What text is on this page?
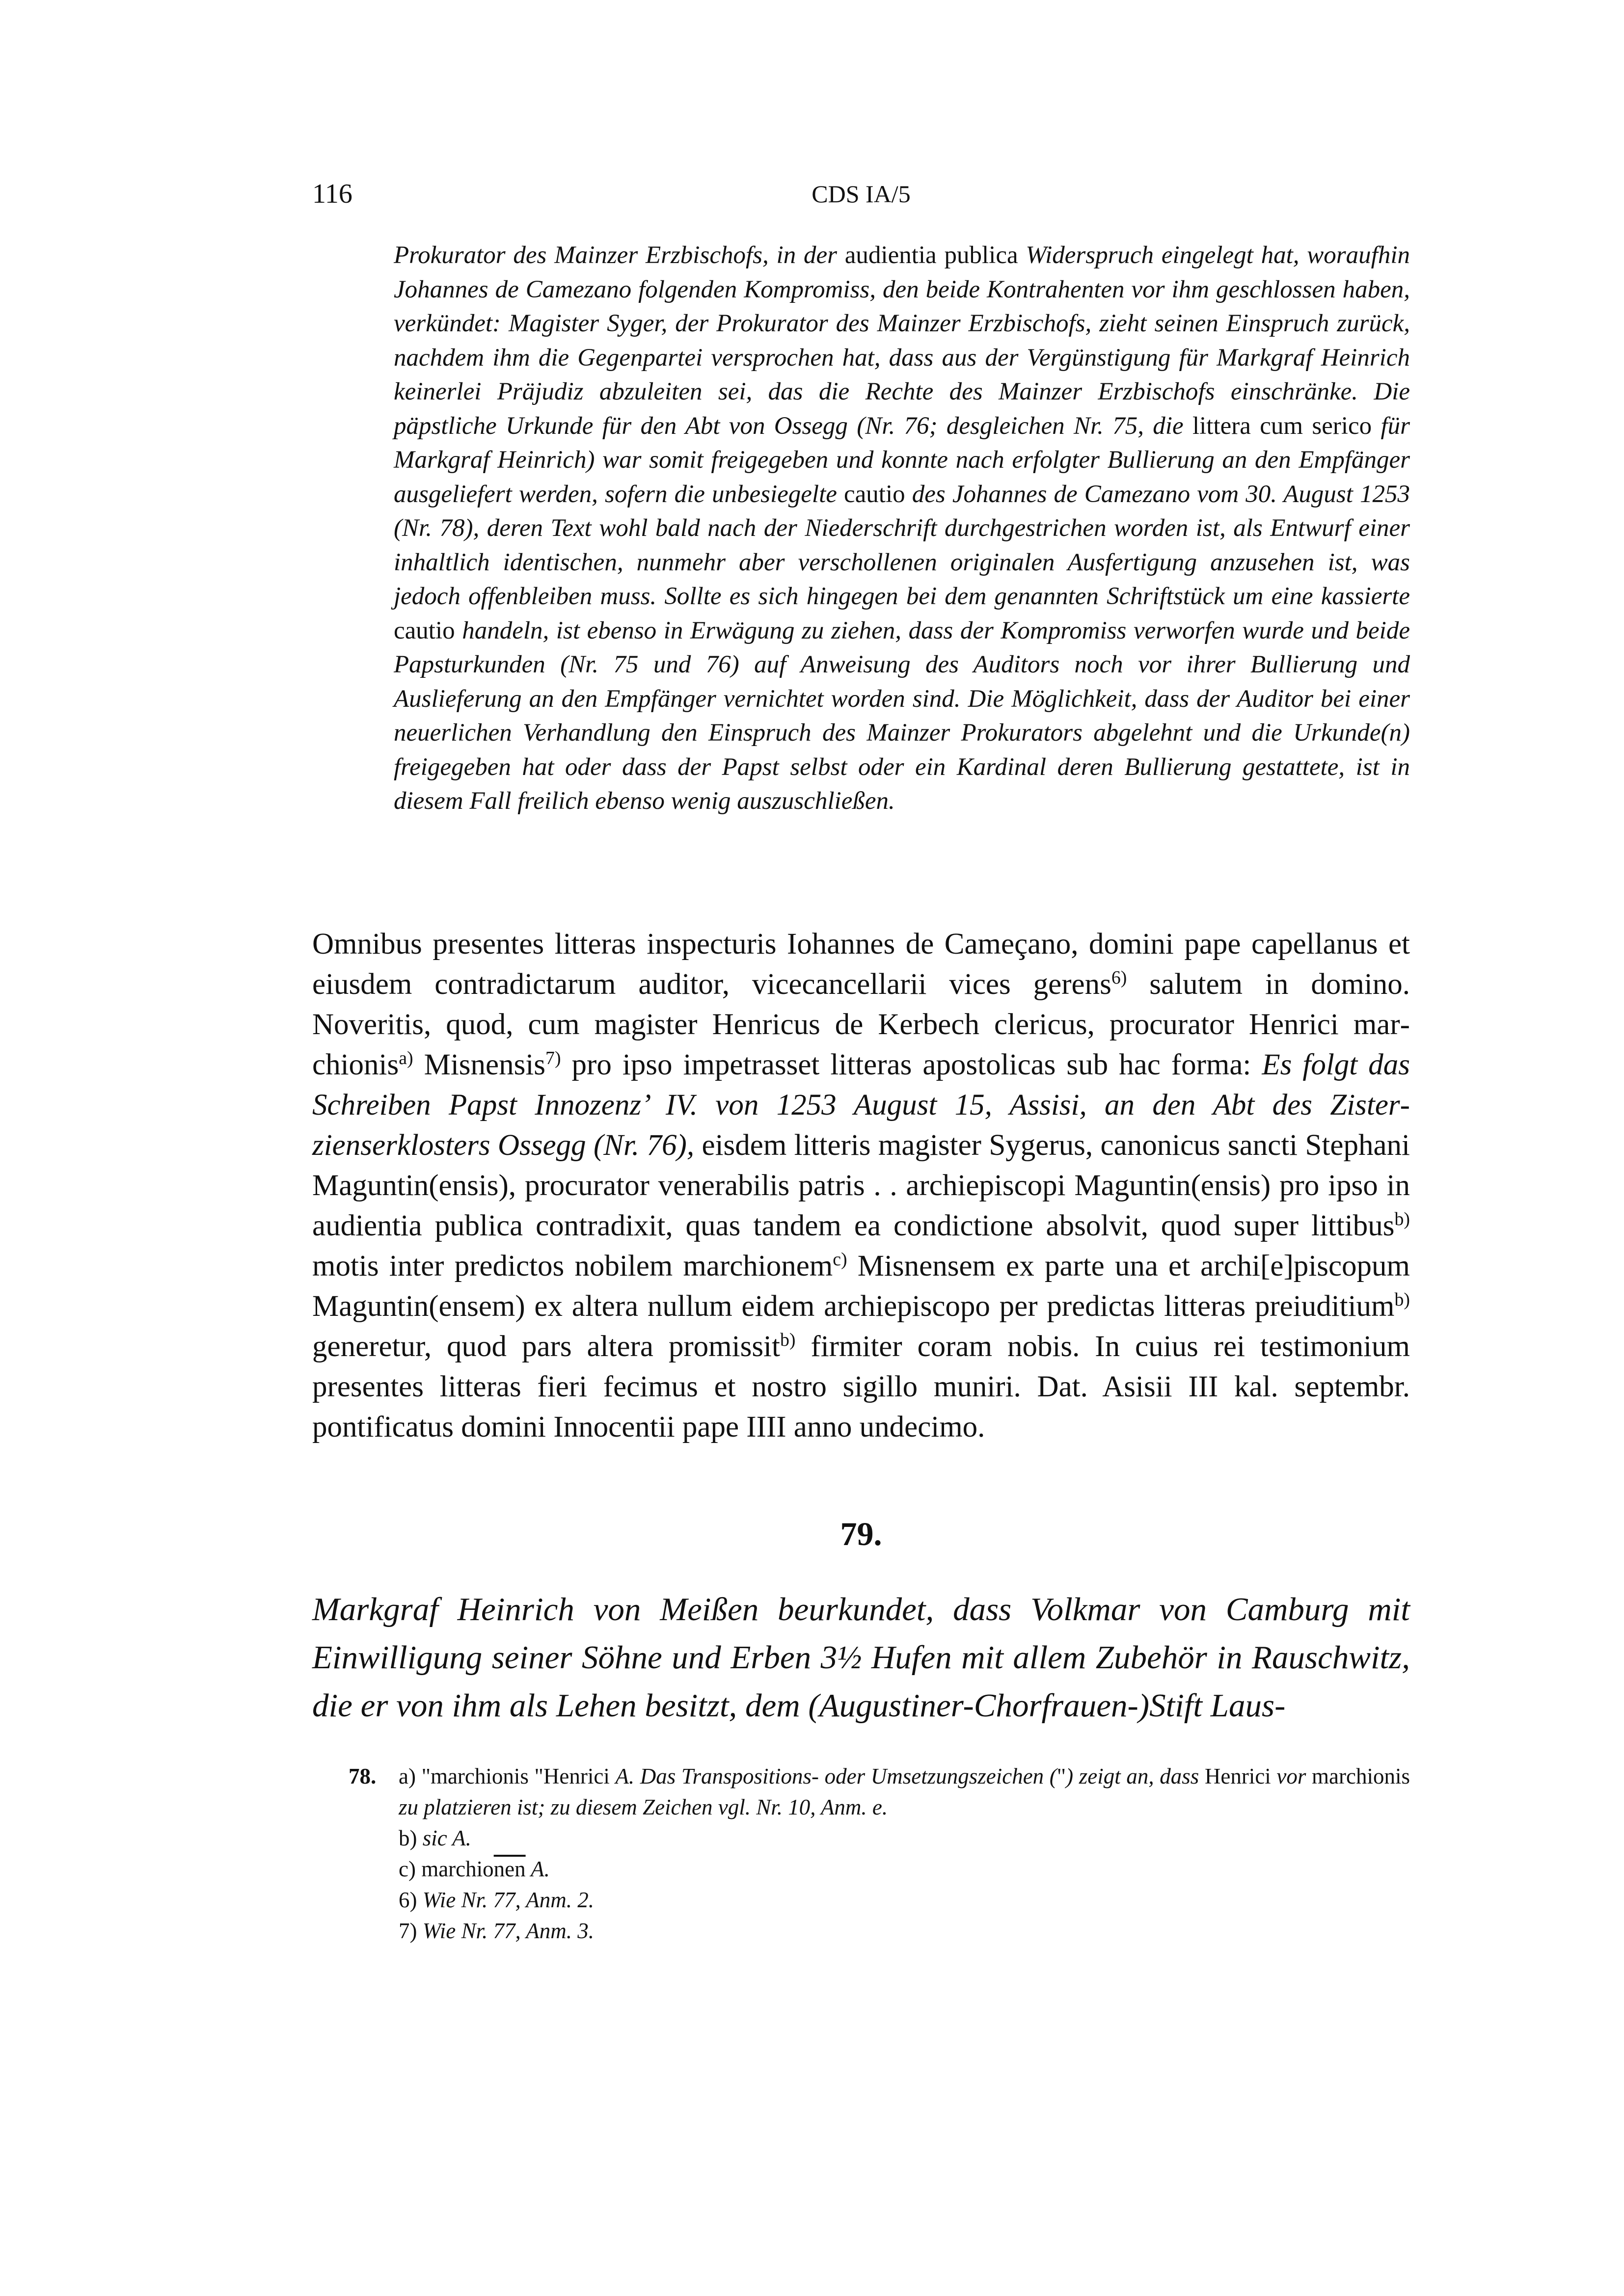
116	CDS IA/5
Prokurator des Mainzer Erzbischofs, in der audientia publica Widerspruch eingelegt hat, woraufhin Johannes de Camezano folgenden Kompromiss, den beide Kontrahenten vor ihm geschlossen haben, verkündet: Magister Syger, der Prokurator des Mainzer Erzbischofs, zieht seinen Einspruch zurück, nachdem ihm die Gegenpartei versprochen hat, dass aus der Vergünstigung für Markgraf Heinrich keinerlei Präjudiz abzuleiten sei, das die Rechte des Mainzer Erzbischofs einschränke. Die päpstliche Urkunde für den Abt von Ossegg (Nr. 76; desgleichen Nr. 75, die littera cum serico für Markgraf Heinrich) war somit freigegeben und konnte nach erfolgter Bullierung an den Empfänger ausgeliefert werden, sofern die unbesiegelte cautio des Johannes de Camezano vom 30. August 1253 (Nr. 78), deren Text wohl bald nach der Niederschrift durchgestrichen worden ist, als Entwurf einer inhaltlich identischen, nunmehr aber verschollenen originalen Ausfertigung anzusehen ist, was jedoch offenbleiben muss. Sollte es sich hingegen bei dem genannten Schriftstück um eine kassierte cautio handeln, ist ebenso in Erwägung zu ziehen, dass der Kompromiss verworfen wurde und beide Papsturkunden (Nr. 75 und 76) auf Anweisung des Auditors noch vor ihrer Bullierung und Auslieferung an den Empfänger vernichtet worden sind. Die Möglichkeit, dass der Auditor bei einer neuerlichen Verhandlung den Einspruch des Mainzer Prokurators abgelehnt und die Urkunde(n) freigegeben hat oder dass der Papst selbst oder ein Kardinal deren Bullierung gestattete, ist in diesem Fall freilich ebenso wenig auszuschließen.
Omnibus presentes litteras inspecturis Iohannes de Cameçano, domini pape capellanus et eiusdem contradictarum auditor, vicecancellarii vices gerens$^{6)}$ salutem in domino. Noveritis, quod, cum magister Henricus de Kerbech clericus, procurator Henrici marchionis$^{a)}$ Misnensis$^{7)}$ pro ipso impetrasset litteras apostolicas sub hac forma: Es folgt das Schreiben Papst Innozenz’ IV. von 1253 August 15, Assisi, an den Abt des Zisterzienserklosters Ossegg (Nr. 76), eisdem litteris magister Sygerus, canonicus sancti Stephani Maguntin(ensis), procurator venerabilis patris . . archiepiscopi Maguntin(ensis) pro ipso in audientia publica contradixit, quas tandem ea condictione absolvit, quod super littibus$^{b)}$ motis inter predictos nobilem marchionem$^{c)}$ Misnensem ex parte una et archi[e]piscopum Maguntin(ensem) ex altera nullum eidem archiepiscopo per predictas litteras preiuditium$^{b)}$ generetur, quod pars altera promissit$^{b)}$ firmiter coram nobis. In cuius rei testimonium presentes litteras fieri fecimus et nostro sigillo muniri. Dat. Asisii III kal. septembr. pontificatus domini Innocentii pape IIII anno undecimo.
79.
Markgraf Heinrich von Meißen beurkundet, dass Volkmar von Camburg mit Einwilligung seiner Söhne und Erben 3½ Hufen mit allem Zubehör in Rauschwitz, die er von ihm als Lehen besitzt, dem (Augustiner-Chorfrauen-)Stift Laus-
78. a) "marchionis "Henrici A. Das Transpositions- oder Umsetzungszeichen (") zeigt an, dass Henrici vor marchionis zu platzieren ist; zu diesem Zeichen vgl. Nr. 10, Anm. e.
b) sic A.
c) $marchio\overline{nen}$ A.
6) Wie Nr. 77, Anm. 2.
7) Wie Nr. 77, Anm. 3.
